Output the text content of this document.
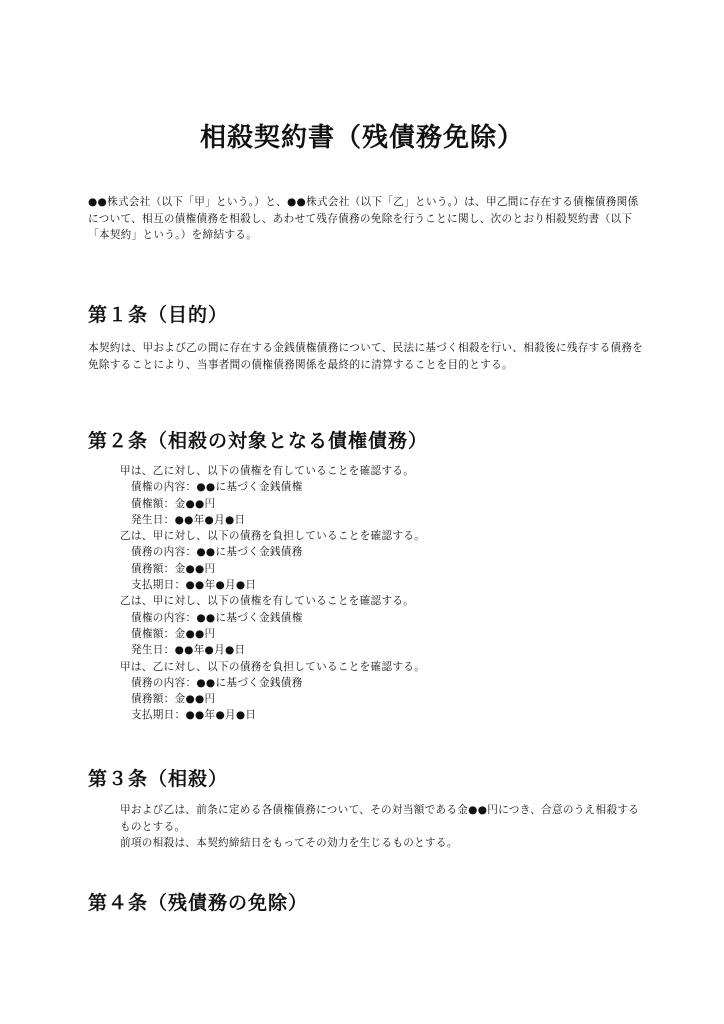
相殺契約書（残債務免除）
●●株式会社（以下「甲」という。）と、●●株式会社（以下「乙」という。）は、甲乙間に存在する債権債務関係について、相互の債権債務を相殺し、あわせて残存債務の免除を行うことに関し、次のとおり相殺契約書（以下「本契約」という。）を締結する。
第１条（目的）
本契約は、甲および乙の間に存在する金銭債権債務について、民法に基づく相殺を行い、相殺後に残存する債務を免除することにより、当事者間の債権債務関係を最終的に清算することを目的とする。
第２条（相殺の対象となる債権債務）
甲は、乙に対し、以下の債権を有していることを確認する。
債権の内容：●●に基づく金銭債権
債権額：金●●円
発生日：●●年●月●日
乙は、甲に対し、以下の債務を負担していることを確認する。
債務の内容：●●に基づく金銭債務
債務額：金●●円
支払期日：●●年●月●日
乙は、甲に対し、以下の債権を有していることを確認する。
債権の内容：●●に基づく金銭債権
債権額：金●●円
発生日：●●年●月●日
甲は、乙に対し、以下の債務を負担していることを確認する。
債務の内容：●●に基づく金銭債務
債務額：金●●円
支払期日：●●年●月●日
第３条（相殺）
甲および乙は、前条に定める各債権債務について、その対当額である金●●円につき、合意のうえ相殺するものとする。
前項の相殺は、本契約締結日をもってその効力を生じるものとする。
第４条（残債務の免除）
